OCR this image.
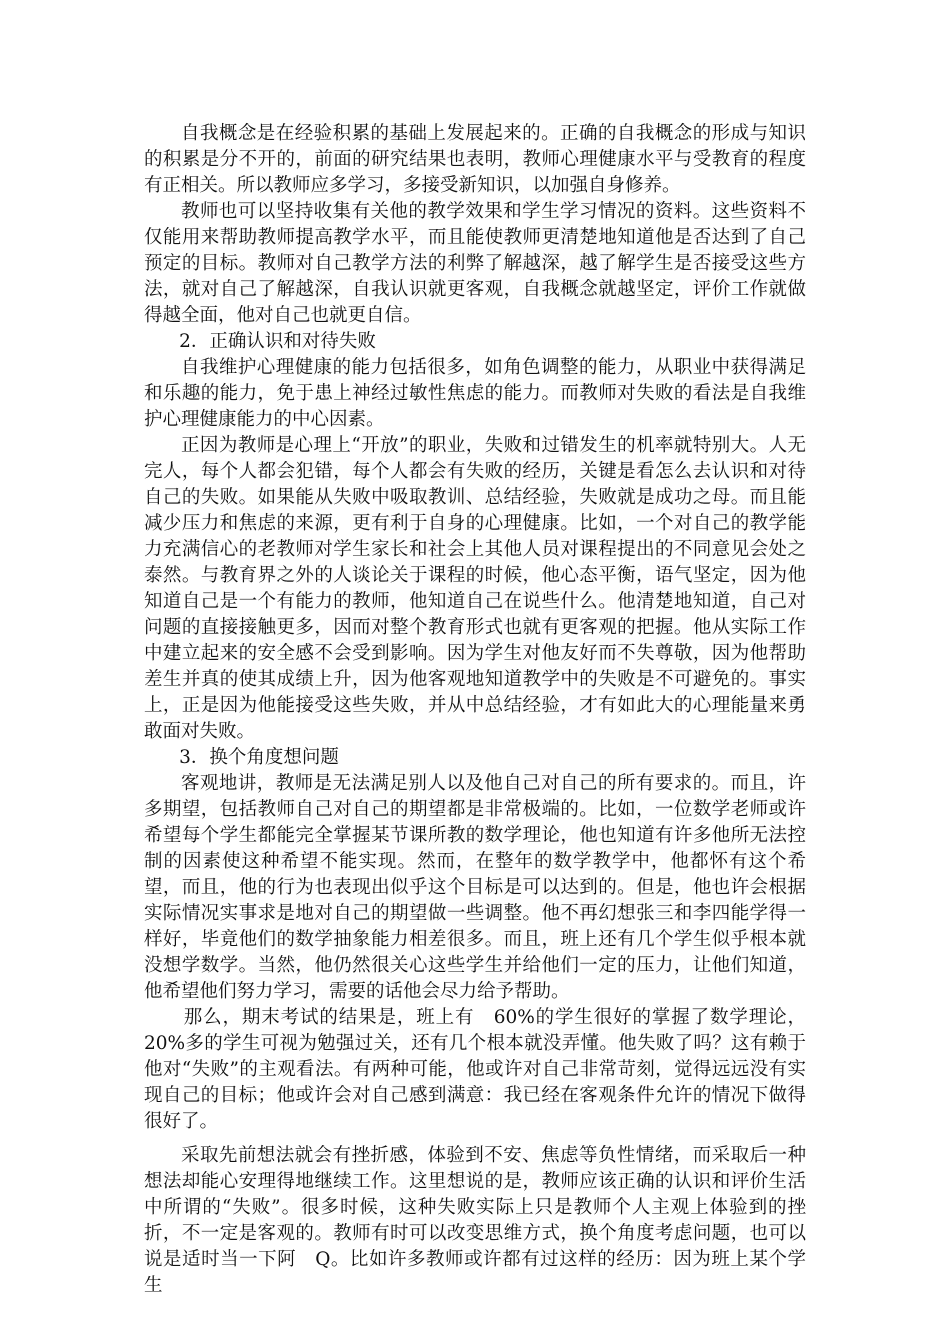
自我概念是在经验积累的基础上发展起来的。正确的自我概念的形成与知识的积累是分不开的，前面的研究结果也表明，教师心理健康水平与受教育的程度有正相关。所以教师应多学习，多接受新知识，以加强自身修养。

教师也可以坚持收集有关他的教学效果和学生学习情况的资料。这些资料不仅能用来帮助教师提高教学水平，而且能使教师更清楚地知道他是否达到了自己预定的目标。教师对自己教学方法的利弊了解越深，越了解学生是否接受这些方法，就对自己了解越深，自我认识就更客观，自我概念就越坚定，评价工作就做得越全面，他对自己也就更自信。

2．正确认识和对待失败

自我维护心理健康的能力包括很多，如角色调整的能力，从职业中获得满足和乐趣的能力，免于患上神经过敏性焦虑的能力。而教师对失败的看法是自我维护心理健康能力的中心因素。

正因为教师是心理上“开放”的职业，失败和过错发生的机率就特别大。人无完人，每个人都会犯错，每个人都会有失败的经历，关键是看怎么去认识和对待自己的失败。如果能从失败中吸取教训、总结经验，失败就是成功之母。而且能减少压力和焦虑的来源，更有利于自身的心理健康。比如，一个对自己的教学能力充满信心的老教师对学生家长和社会上其他人员对课程提出的不同意见会处之泰然。与教育界之外的人谈论关于课程的时候，他心态平衡，语气坚定，因为他知道自己是一个有能力的教师，他知道自己在说些什么。他清楚地知道，自己对问题的直接接触更多，因而对整个教育形式也就有更客观的把握。他从实际工作中建立起来的安全感不会受到影响。因为学生对他友好而不失尊敬，因为他帮助差生并真的使其成绩上升，因为他客观地知道教学中的失败是不可避免的。事实上，正是因为他能接受这些失败，并从中总结经验，才有如此大的心理能量来勇敢面对失败。

3．换个角度想问题

客观地讲，教师是无法满足别人以及他自己对自己的所有要求的。而且，许多期望，包括教师自己对自己的期望都是非常极端的。比如，一位数学老师或许希望每个学生都能完全掌握某节课所教的数学理论，他也知道有许多他所无法控制的因素使这种希望不能实现。然而，在整年的数学教学中，他都怀有这个希望，而且，他的行为也表现出似乎这个目标是可以达到的。但是，他也许会根据实际情况实事求是地对自己的期望做一些调整。他不再幻想张三和李四能学得一样好，毕竟他们的数学抽象能力相差很多。而且，班上还有几个学生似乎根本就没想学数学。当然，他仍然很关心这些学生并给他们一定的压力，让他们知道，他希望他们努力学习，需要的话他会尽力给予帮助。

那么，期末考试的结果是，班上有　60%的学生很好的掌握了数学理论，20%多的学生可视为勉强过关，还有几个根本就没弄懂。他失败了吗？这有赖于他对“失败”的主观看法。有两种可能，他或许对自己非常苛刻，觉得远远没有实现自己的目标；他或许会对自己感到满意：我已经在客观条件允许的情况下做得很好了。

采取先前想法就会有挫折感，体验到不安、焦虑等负性情绪，而采取后一种想法却能心安理得地继续工作。这里想说的是，教师应该正确的认识和评价生活中所谓的“失败”。很多时候，这种失败实际上只是教师个人主观上体验到的挫折，不一定是客观的。教师有时可以改变思维方式，换个角度考虑问题，也可以说是适时当一下阿　Q。比如许多教师或许都有过这样的经历：因为班上某个学生
